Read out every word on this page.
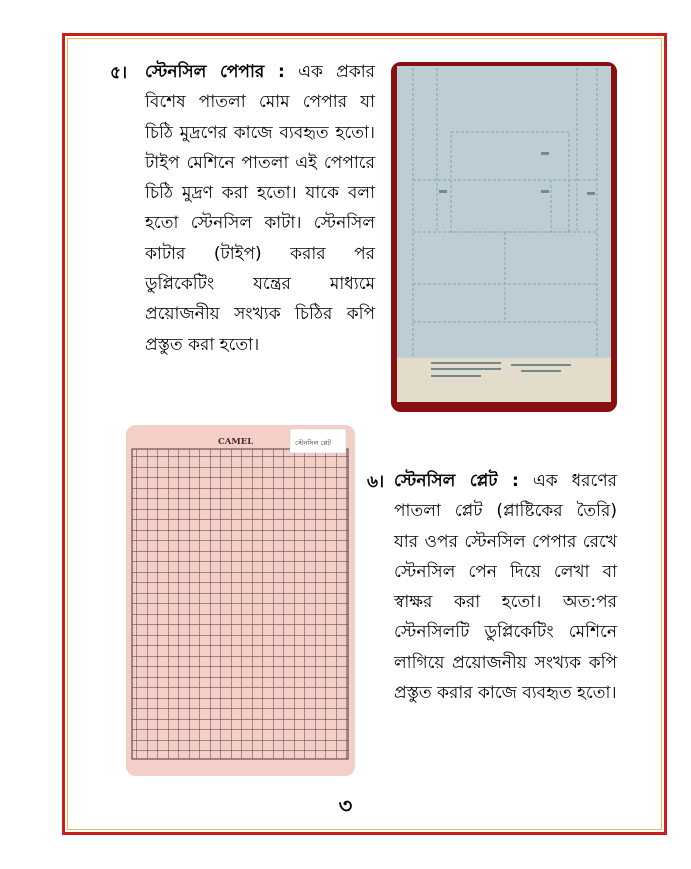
৫। স্টেনসিল পেপার : এক প্রকার বিশেষ পাতলা মোম পেপার যা চিঠি মুদ্রণের কাজে ব্যবহৃত হতো। টাইপ মেশিনে পাতলা এই পেপারে চিঠি মুদ্রণ করা হতো। যাকে বলা হতো স্টেনসিল কাটা। স্টেনসিল কাটার (টাইপ) করার পর ডুপ্লিকেটিং যন্ত্রের মাধ্যমে প্রয়োজনীয় সংখ্যক চিঠির কপি প্রস্তুত করা হতো।
CAMEL	স্টেনসিল প্লেট
৬। স্টেনসিল প্লেট : এক ধরণের পাতলা প্লেট (প্লাষ্টিকের তৈরি) যার ওপর স্টেনসিল পেপার রেখে স্টেনসিল পেন দিয়ে লেখা বা স্বাক্ষর করা হতো। অত:পর স্টেনসিলটি ডুপ্লিকেটিং মেশিনে লাগিয়ে প্রয়োজনীয় সংখ্যক কপি প্রস্তুত করার কাজে ব্যবহৃত হতো।
৩
